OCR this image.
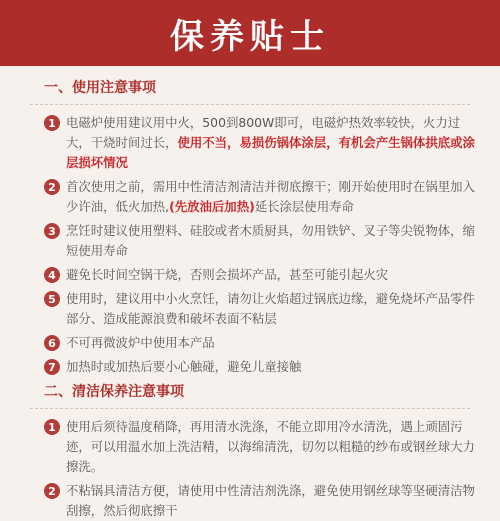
保养贴士
一、使用注意事项
1 电磁炉使用建议用中火，500到800W即可，电磁炉热效率较快，火力过大，干烧时间过长，使用不当，易损伤锅体涂层，有机会产生锅体拱底或涂层损坏情况
2 首次使用之前，需用中性清洁剂清洁并彻底擦干；刚开始使用时在锅里加入少许油，低火加热,(先放油后加热)延长涂层使用寿命
3 烹饪时建议使用塑料、硅胶或者木质厨具，勿用铁铲、叉子等尖锐物体，缩短使用寿命
4 避免长时间空锅干烧，否则会损坏产品，甚至可能引起火灾
5 使用时，建议用中小火烹饪，请勿让火焰超过锅底边缘，避免烧坏产品零件部分、造成能源浪费和破坏表面不粘层
6 不可再微波炉中使用本产品
7 加热时或加热后要小心触碰，避免儿童接触
二、清洁保养注意事项
1 使用后须待温度稍降，再用清水洗涤，不能立即用冷水清洗，遇上顽固污迹，可以用温水加上洗洁精，以海绵清洗，切勿以粗糙的纱布或钢丝球大力擦洗。
2 不粘锅具清洁方便，请使用中性清洁剂洗涤，避免使用钢丝球等坚硬清洁物刮擦，然后彻底擦干
